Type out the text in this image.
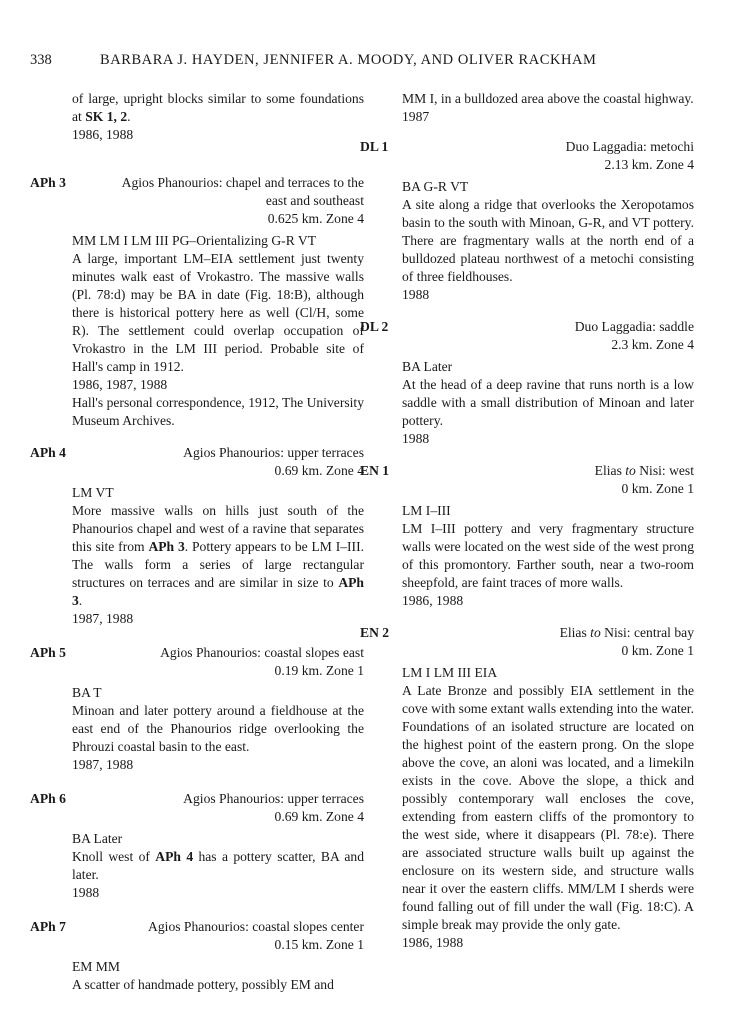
338	BARBARA J. HAYDEN, JENNIFER A. MOODY, AND OLIVER RACKHAM
of large, upright blocks similar to some foundations at SK 1, 2.
1986, 1988
APh 3	Agios Phanourios: chapel and terraces to the east and southeast
0.625 km. Zone 4
MM LM I LM III PG–Orientalizing G-R VT
A large, important LM–EIA settlement just twenty minutes walk east of Vrokastro. The massive walls (Pl. 78:d) may be BA in date (Fig. 18:B), although there is historical pottery here as well (Cl/H, some R). The settlement could overlap occupation of Vrokastro in the LM III period. Probable site of Hall's camp in 1912.
1986, 1987, 1988
Hall's personal correspondence, 1912, The University Museum Archives.
APh 4	Agios Phanourios: upper terraces
0.69 km. Zone 4
LM VT
More massive walls on hills just south of the Phanourios chapel and west of a ravine that separates this site from APh 3. Pottery appears to be LM I–III. The walls form a series of large rectangular structures on terraces and are similar in size to APh 3.
1987, 1988
APh 5	Agios Phanourios: coastal slopes east
0.19 km. Zone 1
BA T
Minoan and later pottery around a fieldhouse at the east end of the Phanourios ridge overlooking the Phrouzi coastal basin to the east.
1987, 1988
APh 6	Agios Phanourios: upper terraces
0.69 km. Zone 4
BA Later
Knoll west of APh 4 has a pottery scatter, BA and later.
1988
APh 7	Agios Phanourios: coastal slopes center
0.15 km. Zone 1
EM MM
A scatter of handmade pottery, possibly EM and
MM I, in a bulldozed area above the coastal highway.
1987
DL 1	Duo Laggadia: metochi
2.13 km. Zone 4
BA G-R VT
A site along a ridge that overlooks the Xeropotamos basin to the south with Minoan, G-R, and VT pottery. There are fragmentary walls at the north end of a bulldozed plateau northwest of a metochi consisting of three fieldhouses.
1988
DL 2	Duo Laggadia: saddle
2.3 km. Zone 4
BA Later
At the head of a deep ravine that runs north is a low saddle with a small distribution of Minoan and later pottery.
1988
EN 1	Elias to Nisi: west
0 km. Zone 1
LM I–III
LM I–III pottery and very fragmentary structure walls were located on the west side of the west prong of this promontory. Farther south, near a two-room sheepfold, are faint traces of more walls.
1986, 1988
EN 2	Elias to Nisi: central bay
0 km. Zone 1
LM I LM III EIA
A Late Bronze and possibly EIA settlement in the cove with some extant walls extending into the water. Foundations of an isolated structure are located on the highest point of the eastern prong. On the slope above the cove, an aloni was located, and a limekiln exists in the cove. Above the slope, a thick and possibly contemporary wall encloses the cove, extending from eastern cliffs of the promontory to the west side, where it disappears (Pl. 78:e). There are associated structure walls built up against the enclosure on its western side, and structure walls near it over the eastern cliffs. MM/LM I sherds were found falling out of fill under the wall (Fig. 18:C). A simple break may provide the only gate.
1986, 1988
